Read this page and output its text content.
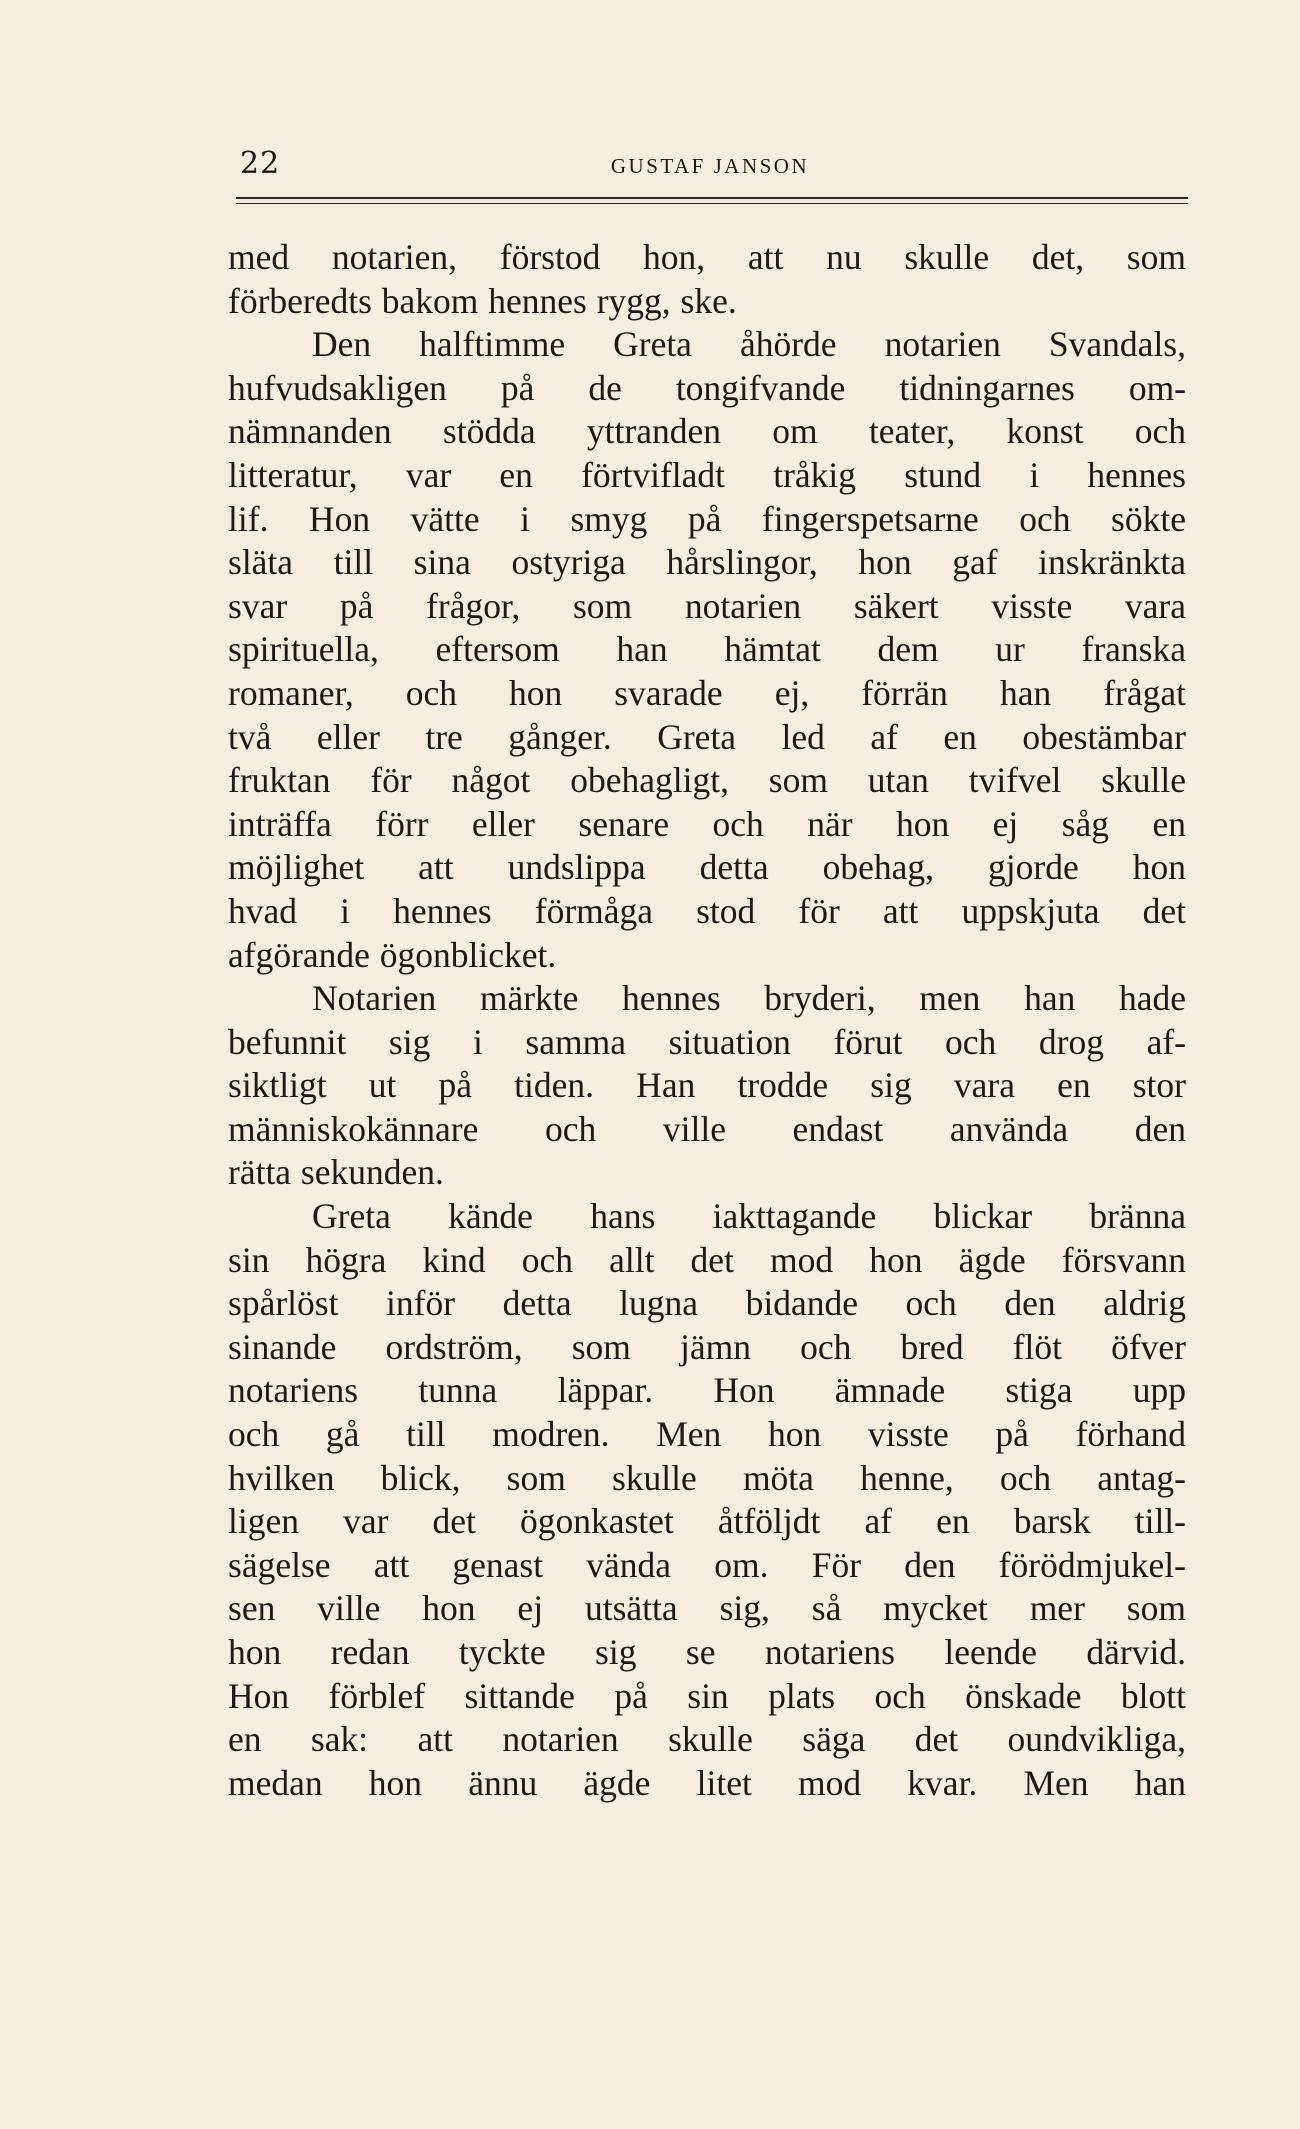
22	GUSTAF JANSON
med notarien, förstod hon, att nu skulle det, som
förberedts bakom hennes rygg, ske.
Den halftimme Greta åhörde notarien Svandals,
hufvudsakligen på de tongifvande tidningarnes om-
nämnanden stödda yttranden om teater, konst och
litteratur, var en förtvifladt tråkig stund i hennes
lif. Hon vätte i smyg på fingerspetsarne och sökte
släta till sina ostyriga hårslingor, hon gaf inskränkta
svar på frågor, som notarien säkert visste vara
spirituella, eftersom han hämtat dem ur franska
romaner, och hon svarade ej, förrän han frågat
två eller tre gånger. Greta led af en obestämbar
fruktan för något obehagligt, som utan tvifvel skulle
inträffa förr eller senare och när hon ej såg en
möjlighet att undslippa detta obehag, gjorde hon
hvad i hennes förmåga stod för att uppskjuta det
afgörande ögonblicket.
Notarien märkte hennes bryderi, men han hade
befunnit sig i samma situation förut och drog af-
siktligt ut på tiden. Han trodde sig vara en stor
människokännare och ville endast använda den
rätta sekunden.
Greta kände hans iakttagande blickar bränna
sin högra kind och allt det mod hon ägde försvann
spårlöst inför detta lugna bidande och den aldrig
sinande ordström, som jämn och bred flöt öfver
notariens tunna läppar. Hon ämnade stiga upp
och gå till modren. Men hon visste på förhand
hvilken blick, som skulle möta henne, och antag-
ligen var det ögonkastet åtföljdt af en barsk till-
sägelse att genast vända om. För den förödmjukel-
sen ville hon ej utsätta sig, så mycket mer som
hon redan tyckte sig se notariens leende därvid.
Hon förblef sittande på sin plats och önskade blott
en sak: att notarien skulle säga det oundvikliga,
medan hon ännu ägde litet mod kvar. Men han
